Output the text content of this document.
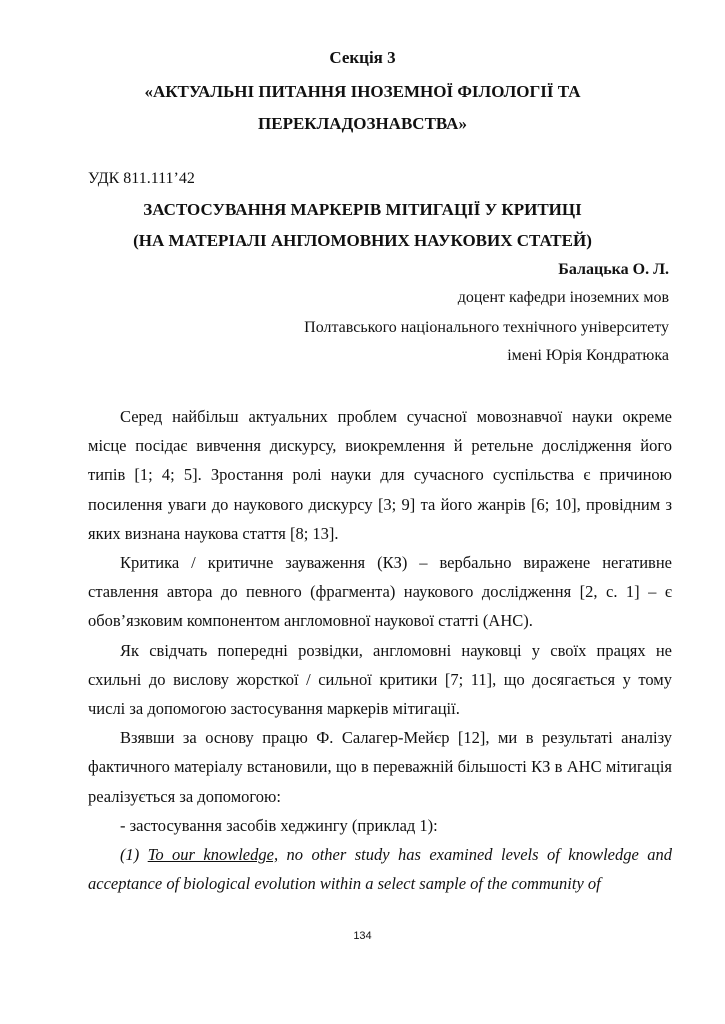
Секція 3
«АКТУАЛЬНІ ПИТАННЯ ІНОЗЕМНОЇ ФІЛОЛОГІЇ ТА
ПЕРЕКЛАДОЗНАВСТВА»
УДК 811.111’42
ЗАСТОСУВАННЯ МАРКЕРІВ МІТИГАЦІЇ У КРИТИЦІ
(НА МАТЕРІАЛІ АНГЛОМОВНИХ НАУКОВИХ СТАТЕЙ)
Балацька О. Л.
доцент кафедри іноземних мов
Полтавського національного технічного університету
імені Юрія Кондратюка

Серед найбільш актуальних проблем сучасної мовознавчої науки окреме місце посідає вивчення дискурсу, виокремлення й ретельне дослідження його типів [1; 4; 5]. Зростання ролі науки для сучасного суспільства є причиною посилення уваги до наукового дискурсу [3; 9] та його жанрів [6; 10], провідним з яких визнана наукова стаття [8; 13].

Критика / критичне зауваження (КЗ) – вербально виражене негативне ставлення автора до певного (фрагмента) наукового дослідження [2, с. 1] – є обов’язковим компонентом англомовної наукової статті (АНС).

Як свідчать попередні розвідки, англомовні науковці у своїх працях не схильні до вислову жорсткої / сильної критики [7; 11], що досягається у тому числі за допомогою застосування маркерів мітигації.

Взявши за основу працю Ф. Салагер-Мейєр [12], ми в результаті аналізу фактичного матеріалу встановили, що в переважній більшості КЗ в АНС мітигація реалізується за допомогою:

- застосування засобів хеджингу (приклад 1):

(1) To our knowledge, no other study has examined levels of knowledge and acceptance of biological evolution within a select sample of the community of

134
